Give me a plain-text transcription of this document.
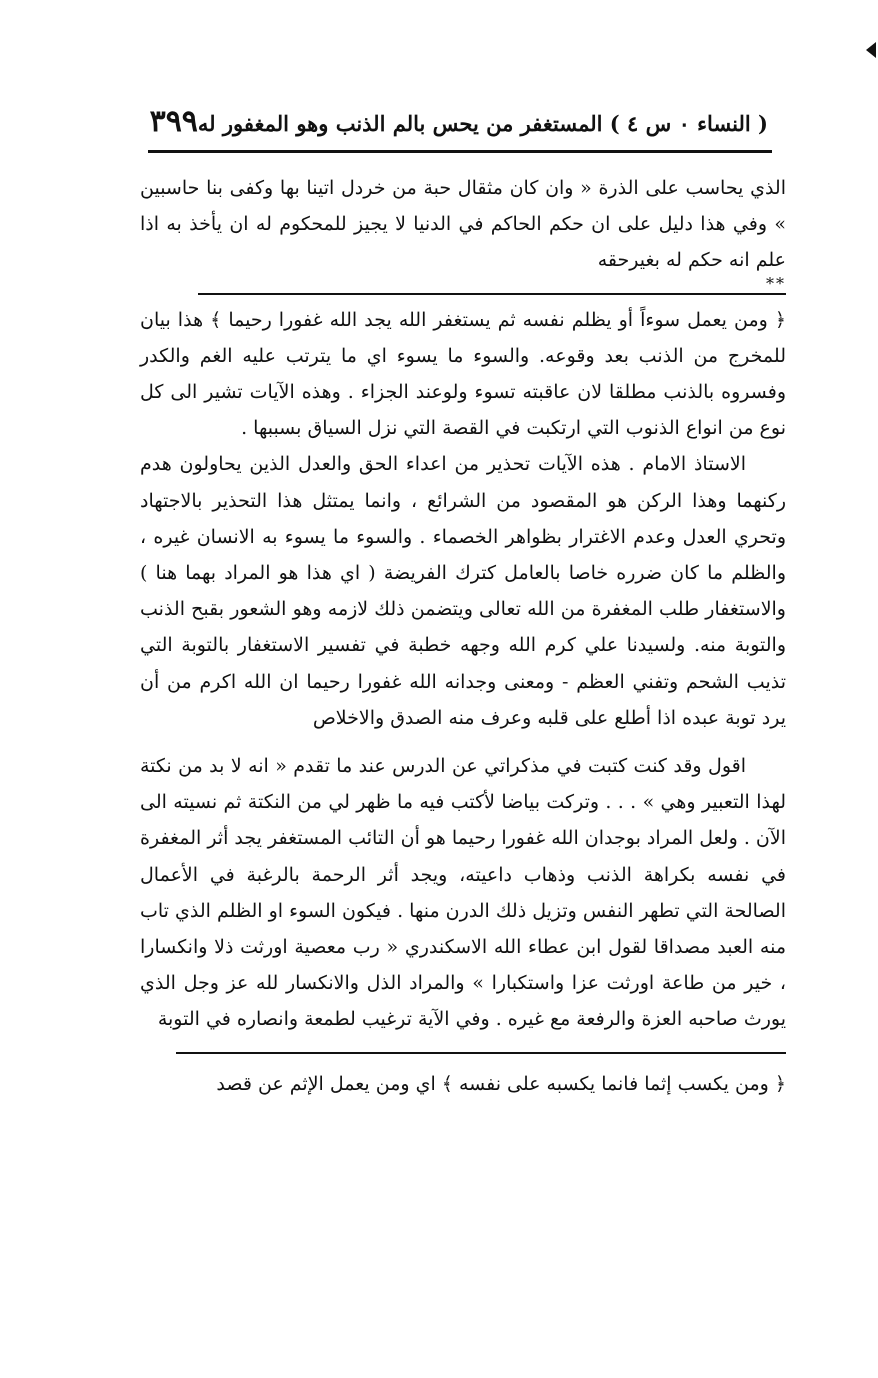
( النساء ٠ س ٤ ) المستغفر من يحس بالم الذنب وهو المغفور له
٣٩٩

الذي يحاسب على الذرة « وان كان مثقال حبة من خردل اتينا بها وكفى بنا حاسبين » وفي هذا دليل على ان حكم الحاكم في الدنيا لا يجيز للمحكوم له ان يأخذ به اذا علم انه حكم له بغيرحقه

**

﴿ ومن يعمل سوءاً أو يظلم نفسه ثم يستغفر الله يجد الله غفورا رحيما ﴾ هذا بيان للمخرج من الذنب بعد وقوعه. والسوء ما يسوء اي ما يترتب عليه الغم والكدر وفسروه بالذنب مطلقا لان عاقبته تسوء ولوعند الجزاء . وهذه الآيات تشير الى كل نوع من انواع الذنوب التي ارتكبت في القصة التي نزل السياق بسببها .

الاستاذ الامام . هذه الآيات تحذير من اعداء الحق والعدل الذين يحاولون هدم ركنهما وهذا الركن هو المقصود من الشرائع ، وانما يمتثل هذا التحذير بالاجتهاد وتحري العدل وعدم الاغترار بظواهر الخصماء . والسوء ما يسوء به الانسان غيره ، والظلم ما كان ضرره خاصا بالعامل كترك الفريضة ( اي هذا هو المراد بهما هنا ) والاستغفار طلب المغفرة من الله تعالى ويتضمن ذلك لازمه وهو الشعور بقبح الذنب والتوبة منه. ولسيدنا علي كرم الله وجهه خطبة في تفسير الاستغفار بالتوبة التي تذيب الشحم وتفني العظم - ومعنى وجدانه الله غفورا رحيما ان الله اكرم من أن يرد توبة عبده اذا أطلع على قلبه وعرف منه الصدق والاخلاص

اقول وقد كنت كتبت في مذكراتي عن الدرس عند ما تقدم « انه لا بد من نكتة لهذا التعبير وهي » . . . وتركت بياضا لأكتب فيه ما ظهر لي من النكتة ثم نسيته الى الآن . ولعل المراد بوجدان الله غفورا رحيما هو أن التائب المستغفر يجد أثر المغفرة في نفسه بكراهة الذنب وذهاب داعيته، ويجد أثر الرحمة بالرغبة في الأعمال الصالحة التي تطهر النفس وتزيل ذلك الدرن منها . فيكون السوء او الظلم الذي تاب منه العبد مصداقا لقول ابن عطاء الله الاسكندري « رب معصية اورثت ذلا وانكسارا ، خير من طاعة اورثت عزا واستكبارا » والمراد الذل والانكسار لله عز وجل الذي يورث صاحبه العزة والرفعة مع غيره . وفي الآية ترغيب لطمعة وانصاره في التوبة

﴿ ومن يكسب إثما فانما يكسبه على نفسه ﴾ اي ومن يعمل الإثم عن قصد
